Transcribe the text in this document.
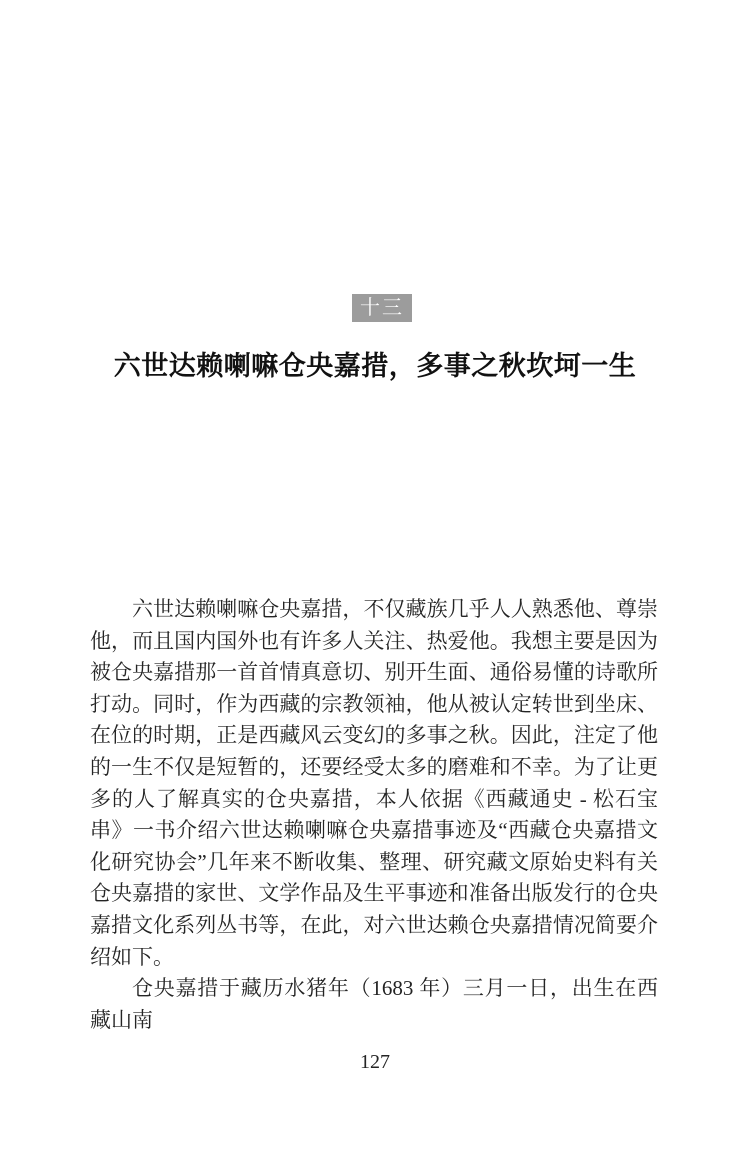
十三
六世达赖喇嘛仓央嘉措，多事之秋坎坷一生

六世达赖喇嘛仓央嘉措，不仅藏族几乎人人熟悉他、尊崇他，而且国内国外也有许多人关注、热爱他。我想主要是因为被仓央嘉措那一首首情真意切、别开生面、通俗易懂的诗歌所打动。同时，作为西藏的宗教领袖，他从被认定转世到坐床、在位的时期，正是西藏风云变幻的多事之秋。因此，注定了他的一生不仅是短暂的，还要经受太多的磨难和不幸。为了让更多的人了解真实的仓央嘉措，本人依据《西藏通史 - 松石宝串》一书介绍六世达赖喇嘛仓央嘉措事迹及“西藏仓央嘉措文化研究协会”几年来不断收集、整理、研究藏文原始史料有关仓央嘉措的家世、文学作品及生平事迹和准备出版发行的仓央嘉措文化系列丛书等，在此，对六世达赖仓央嘉措情况简要介绍如下。

仓央嘉措于藏历水猪年（1683 年）三月一日，出生在西藏山南

127
